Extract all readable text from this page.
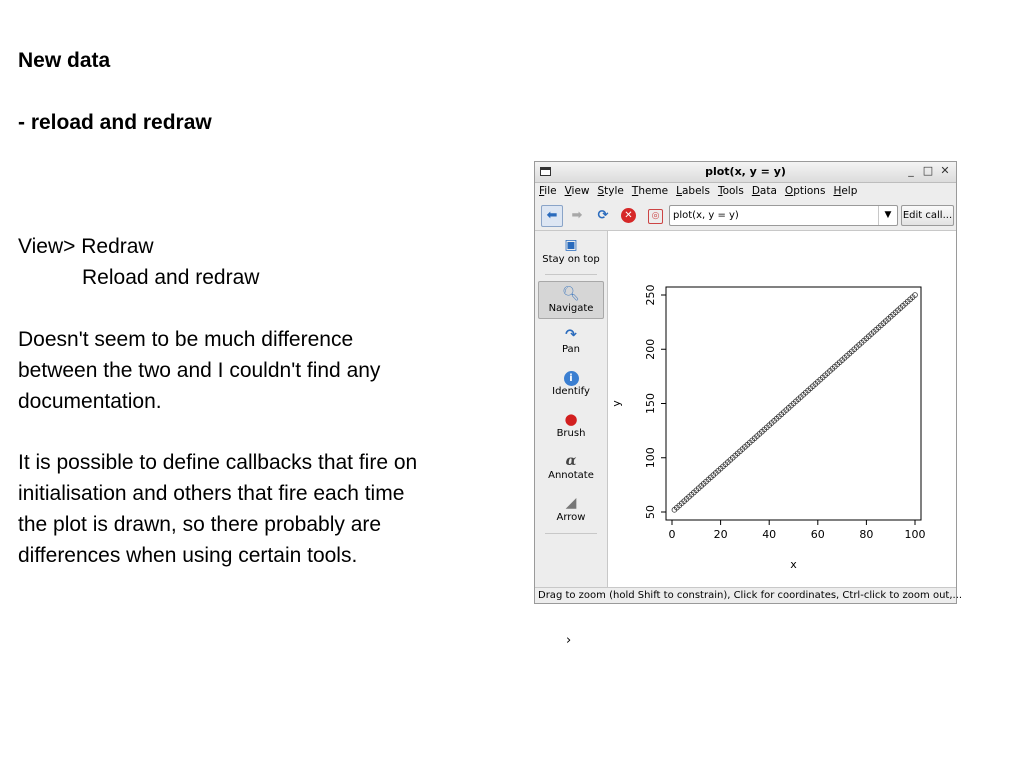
New data
- reload and redraw
View> Redraw
Reload and redraw
Doesn't seem to be much difference
between the two and I couldn't find any
documentation.
It is possible to define callbacks that fire on
initialisation and others that fire each time
the plot is drawn, so there probably are
differences when using certain tools.
plot(x, y = y)	_ □ ✕
File View Style Theme Labels Tools Data Options Help
⬅	➡ ⟳	✕	◎	plot(x, y = y)	▼	Edit call...
▣
Stay on top
🔍︎
Navigate
↷
Pan
i
Identify
●
Brush
α
Annotate
◢
Arrow
›
0	20	40	60	80	100
50
100
150
200
250
x
y
Drag to zoom (hold Shift to constrain), Click for coordinates, Ctrl-click to zoom out,...
